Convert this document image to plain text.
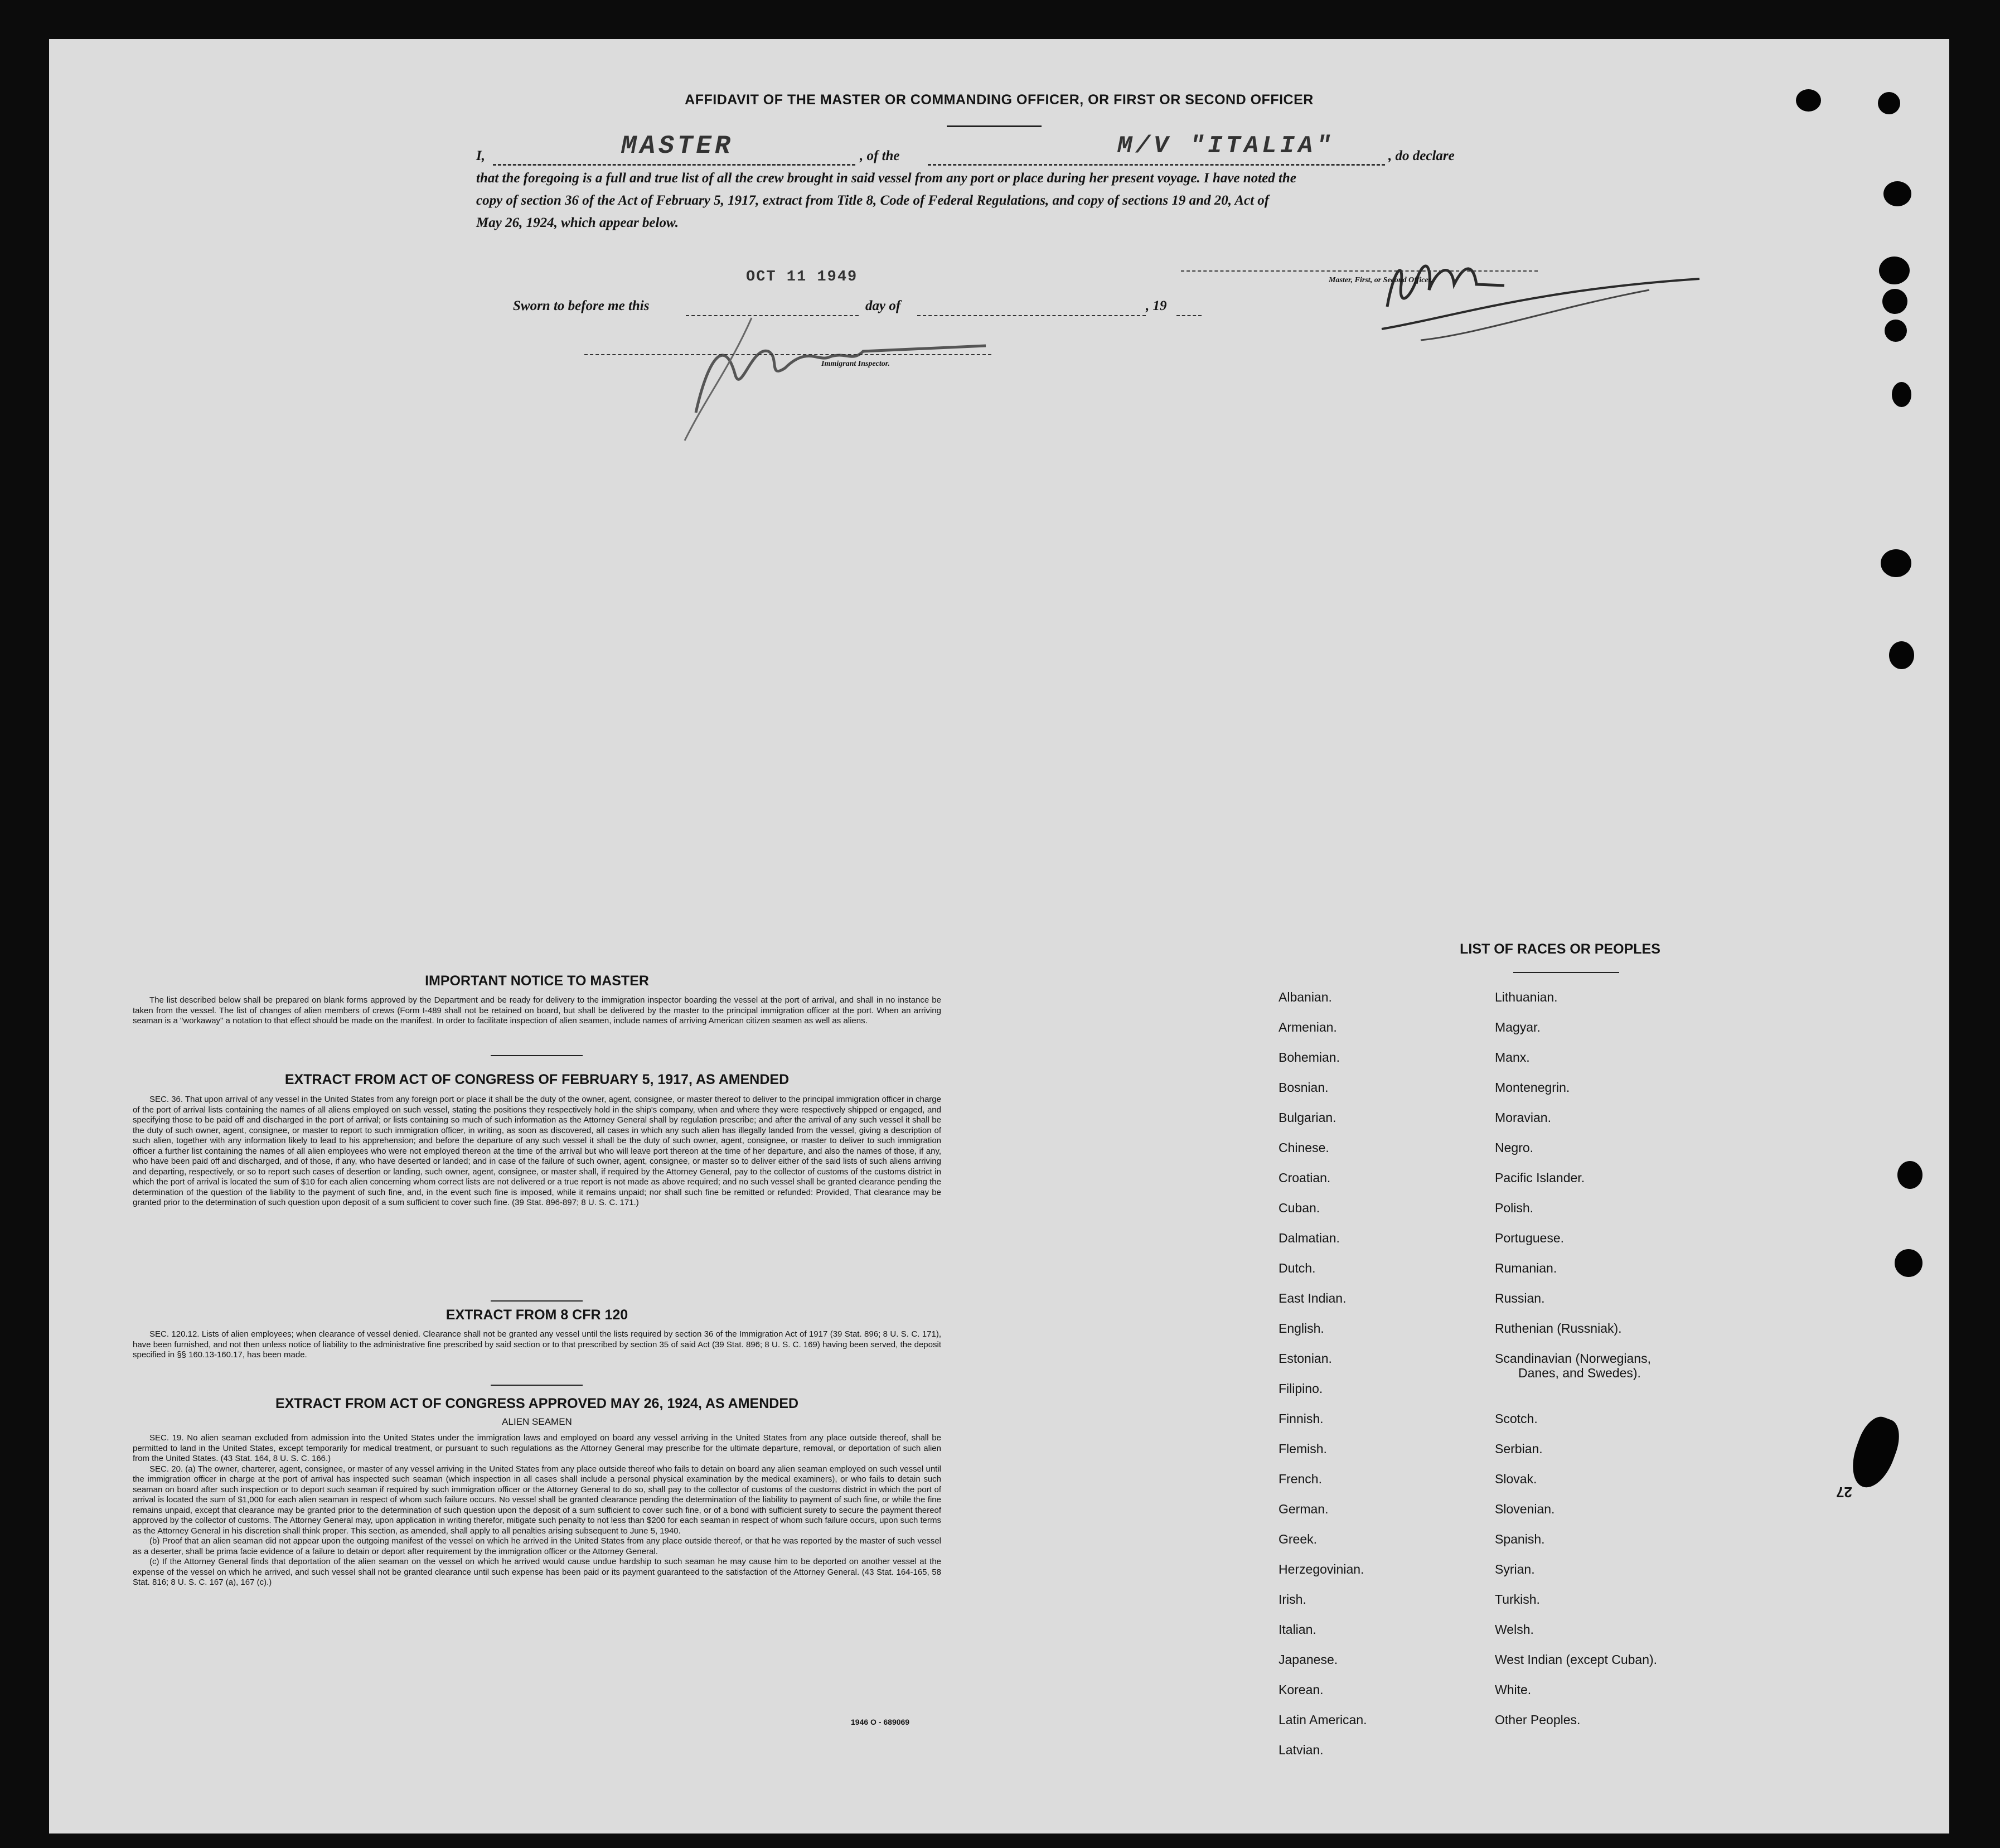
AFFIDAVIT OF THE MASTER OR COMMANDING OFFICER, OR FIRST OR SECOND OFFICER
I,	MASTER	, of the	M/V "ITALIA"	, do declare
that the foregoing is a full and true list of all the crew brought in said vessel from any port or place during her present voyage. I have noted the
copy of section 36 of the Act of February 5, 1917, extract from Title 8, Code of Federal Regulations, and copy of sections 19 and 20, Act of
May 26, 1924, which appear below.
Master, First, or Second Officer.
OCT 11 1949
Sworn to before me this	day of	, 19
Immigrant Inspector.
IMPORTANT NOTICE TO MASTER

The list described below shall be prepared on blank forms approved by the Department and be ready for delivery to the immigration inspector boarding the vessel at the port of arrival, and shall in no instance be taken from the vessel. The list of changes of alien members of crews (Form I-489 shall not be retained on board, but shall be delivered by the master to the principal immigration officer at the port. When an arriving seaman is a "workaway" a notation to that effect should be made on the manifest. In order to facilitate inspection of alien seamen, include names of arriving American citizen seamen as well as aliens.

EXTRACT FROM ACT OF CONGRESS OF FEBRUARY 5, 1917, AS AMENDED

SEC. 36. That upon arrival of any vessel in the United States from any foreign port or place it shall be the duty of the owner, agent, consignee, or master thereof to deliver to the principal immigration officer in charge of the port of arrival lists containing the names of all aliens employed on such vessel, stating the positions they respectively hold in the ship's company, when and where they were respectively shipped or engaged, and specifying those to be paid off and discharged in the port of arrival; or lists containing so much of such information as the Attorney General shall by regulation prescribe; and after the arrival of any such vessel it shall be the duty of such owner, agent, consignee, or master to report to such immigration officer, in writing, as soon as discovered, all cases in which any such alien has illegally landed from the vessel, giving a description of such alien, together with any information likely to lead to his apprehension; and before the departure of any such vessel it shall be the duty of such owner, agent, consignee, or master to deliver to such immigration officer a further list containing the names of all alien employees who were not employed thereon at the time of the arrival but who will leave port thereon at the time of her departure, and also the names of those, if any, who have been paid off and discharged, and of those, if any, who have deserted or landed; and in case of the failure of such owner, agent, consignee, or master so to deliver either of the said lists of such aliens arriving and departing, respectively, or so to report such cases of desertion or landing, such owner, agent, consignee, or master shall, if required by the Attorney General, pay to the collector of customs of the customs district in which the port of arrival is located the sum of $10 for each alien concerning whom correct lists are not delivered or a true report is not made as above required; and no such vessel shall be granted clearance pending the determination of the question of the liability to the payment of such fine, and, in the event such fine is imposed, while it remains unpaid; nor shall such fine be remitted or refunded: Provided, That clearance may be granted prior to the determination of such question upon deposit of a sum sufficient to cover such fine. (39 Stat. 896-897; 8 U. S. C. 171.)

EXTRACT FROM 8 CFR 120

SEC. 120.12. Lists of alien employees; when clearance of vessel denied. Clearance shall not be granted any vessel until the lists required by section 36 of the Immigration Act of 1917 (39 Stat. 896; 8 U. S. C. 171), have been furnished, and not then unless notice of liability to the administrative fine prescribed by said section or to that prescribed by section 35 of said Act (39 Stat. 896; 8 U. S. C. 169) having been served, the deposit specified in §§ 160.13-160.17, has been made.

EXTRACT FROM ACT OF CONGRESS APPROVED MAY 26, 1924, AS AMENDED
ALIEN SEAMEN

SEC. 19. No alien seaman excluded from admission into the United States under the immigration laws and employed on board any vessel arriving in the United States from any place outside thereof, shall be permitted to land in the United States, except temporarily for medical treatment, or pursuant to such regulations as the Attorney General may prescribe for the ultimate departure, removal, or deportation of such alien from the United States. (43 Stat. 164, 8 U. S. C. 166.)

SEC. 20. (a) The owner, charterer, agent, consignee, or master of any vessel arriving in the United States from any place outside thereof who fails to detain on board any alien seaman employed on such vessel until the immigration officer in charge at the port of arrival has inspected such seaman (which inspection in all cases shall include a personal physical examination by the medical examiners), or who fails to detain such seaman on board after such inspection or to deport such seaman if required by such immigration officer or the Attorney General to do so, shall pay to the collector of customs of the customs district in which the port of arrival is located the sum of $1,000 for each alien seaman in respect of whom such failure occurs. No vessel shall be granted clearance pending the determination of the liability to payment of such fine, or while the fine remains unpaid, except that clearance may be granted prior to the determination of such question upon the deposit of a sum sufficient to cover such fine, or of a bond with sufficient surety to secure the payment thereof approved by the collector of customs. The Attorney General may, upon application in writing therefor, mitigate such penalty to not less than $200 for each seaman in respect of whom such failure occurs, upon such terms as the Attorney General in his discretion shall think proper. This section, as amended, shall apply to all penalties arising subsequent to June 5, 1940.

(b) Proof that an alien seaman did not appear upon the outgoing manifest of the vessel on which he arrived in the United States from any place outside thereof, or that he was reported by the master of such vessel as a deserter, shall be prima facie evidence of a failure to detain or deport after requirement by the immigration officer or the Attorney General.

(c) If the Attorney General finds that deportation of the alien seaman on the vessel on which he arrived would cause undue hardship to such seaman he may cause him to be deported on another vessel at the expense of the vessel on which he arrived, and such vessel shall not be granted clearance until such expense has been paid or its payment guaranteed to the satisfaction of the Attorney General. (43 Stat. 164-165, 58 Stat. 816; 8 U. S. C. 167 (a), 167 (c).)

1946 O - 689069
LIST OF RACES OR PEOPLES
Albanian.
Armenian.
Bohemian.
Bosnian.
Bulgarian.
Chinese.
Croatian.
Cuban.
Dalmatian.
Dutch.
East Indian.
English.
Estonian.
Filipino.
Finnish.
Flemish.
French.
German.
Greek.
Herzegovinian.
Irish.
Italian.
Japanese.
Korean.
Latin American.
Latvian.
Lithuanian.
Magyar.
Manx.
Montenegrin.
Moravian.
Negro.
Pacific Islander.
Polish.
Portuguese.
Rumanian.
Russian.
Ruthenian (Russniak).
Scandinavian (Norwegians,
Danes, and Swedes).
Scotch.
Serbian.
Slovak.
Slovenian.
Spanish.
Syrian.
Turkish.
Welsh.
West Indian (except Cuban).
White.
Other Peoples.
27
